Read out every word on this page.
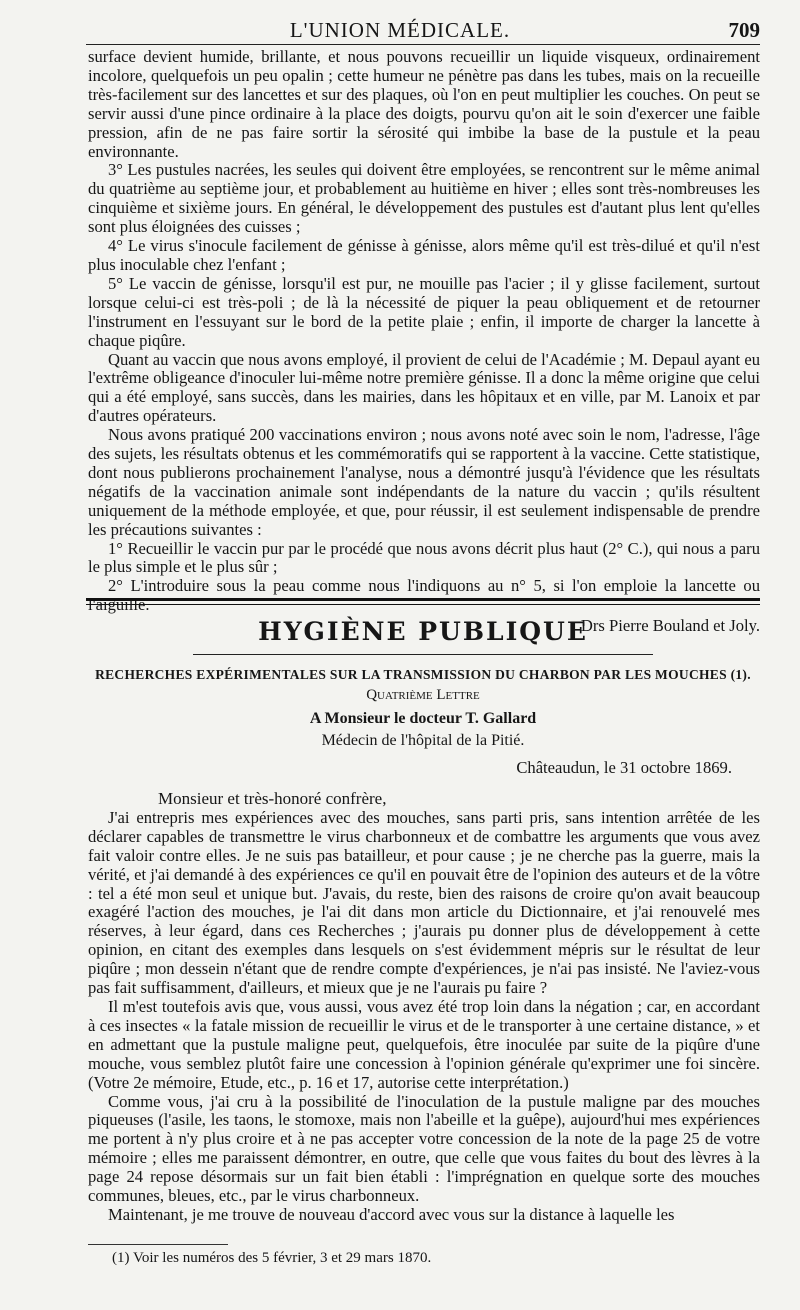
L'UNION MÉDICALE.	709

surface devient humide, brillante, et nous pouvons recueillir un liquide visqueux, ordinairement incolore, quelquefois un peu opalin ; cette humeur ne pénètre pas dans les tubes, mais on la recueille très-facilement sur des lancettes et sur des plaques, où l'on en peut multiplier les couches. On peut se servir aussi d'une pince ordinaire à la place des doigts, pourvu qu'on ait le soin d'exercer une faible pression, afin de ne pas faire sortir la sérosité qui imbibe la base de la pustule et la peau environnante.

3° Les pustules nacrées, les seules qui doivent être employées, se rencontrent sur le même animal du quatrième au septième jour, et probablement au huitième en hiver ; elles sont très-nombreuses les cinquième et sixième jours. En général, le développement des pustules est d'autant plus lent qu'elles sont plus éloignées des cuisses ;

4° Le virus s'inocule facilement de génisse à génisse, alors même qu'il est très-dilué et qu'il n'est plus inoculable chez l'enfant ;

5° Le vaccin de génisse, lorsqu'il est pur, ne mouille pas l'acier ; il y glisse facilement, surtout lorsque celui-ci est très-poli ; de là la nécessité de piquer la peau obliquement et de retourner l'instrument en l'essuyant sur le bord de la petite plaie ; enfin, il importe de charger la lancette à chaque piqûre.

Quant au vaccin que nous avons employé, il provient de celui de l'Académie ; M. Depaul ayant eu l'extrême obligeance d'inoculer lui-même notre première génisse. Il a donc la même origine que celui qui a été employé, sans succès, dans les mairies, dans les hôpitaux et en ville, par M. Lanoix et par d'autres opérateurs.

Nous avons pratiqué 200 vaccinations environ ; nous avons noté avec soin le nom, l'adresse, l'âge des sujets, les résultats obtenus et les commémoratifs qui se rapportent à la vaccine. Cette statistique, dont nous publierons prochainement l'analyse, nous a démontré jusqu'à l'évidence que les résultats négatifs de la vaccination animale sont indépendants de la nature du vaccin ; qu'ils résultent uniquement de la méthode employée, et que, pour réussir, il est seulement indispensable de prendre les précautions suivantes :

1° Recueillir le vaccin pur par le procédé que nous avons décrit plus haut (2° C.), qui nous a paru le plus simple et le plus sûr ;

2° L'introduire sous la peau comme nous l'indiquons au n° 5, si l'on emploie la lancette ou l'aiguille.

Drs Pierre Bouland et Joly.
HYGIÈNE PUBLIQUE
RECHERCHES EXPÉRIMENTALES SUR LA TRANSMISSION DU CHARBON PAR LES MOUCHES (1).
Quatrième Lettre
A Monsieur le docteur T. Gallard
Médecin de l'hôpital de la Pitié.
Châteaudun, le 31 octobre 1869.

Monsieur et très-honoré confrère,

J'ai entrepris mes expériences avec des mouches, sans parti pris, sans intention arrêtée de les déclarer capables de transmettre le virus charbonneux et de combattre les arguments que vous avez fait valoir contre elles. Je ne suis pas batailleur, et pour cause ; je ne cherche pas la guerre, mais la vérité, et j'ai demandé à des expériences ce qu'il en pouvait être de l'opinion des auteurs et de la vôtre : tel a été mon seul et unique but. J'avais, du reste, bien des raisons de croire qu'on avait beaucoup exagéré l'action des mouches, je l'ai dit dans mon article du Dictionnaire, et j'ai renouvelé mes réserves, à leur égard, dans ces Recherches ; j'aurais pu donner plus de développement à cette opinion, en citant des exemples dans lesquels on s'est évidemment mépris sur le résultat de leur piqûre ; mon dessein n'étant que de rendre compte d'expériences, je n'ai pas insisté. Ne l'aviez-vous pas fait suffisamment, d'ailleurs, et mieux que je ne l'aurais pu faire ?

Il m'est toutefois avis que, vous aussi, vous avez été trop loin dans la négation ; car, en accordant à ces insectes « la fatale mission de recueillir le virus et de le transporter à une certaine distance, » et en admettant que la pustule maligne peut, quelquefois, être inoculée par suite de la piqûre d'une mouche, vous semblez plutôt faire une concession à l'opinion générale qu'exprimer une foi sincère. (Votre 2e mémoire, Etude, etc., p. 16 et 17, autorise cette interprétation.)

Comme vous, j'ai cru à la possibilité de l'inoculation de la pustule maligne par des mouches piqueuses (l'asile, les taons, le stomoxe, mais non l'abeille et la guêpe), aujourd'hui mes expériences me portent à n'y plus croire et à ne pas accepter votre concession de la note de la page 25 de votre mémoire ; elles me paraissent démontrer, en outre, que celle que vous faites du bout des lèvres à la page 24 repose désormais sur un fait bien établi : l'imprégnation en quelque sorte des mouches communes, bleues, etc., par le virus charbonneux.

Maintenant, je me trouve de nouveau d'accord avec vous sur la distance à laquelle les

(1) Voir les numéros des 5 février, 3 et 29 mars 1870.
